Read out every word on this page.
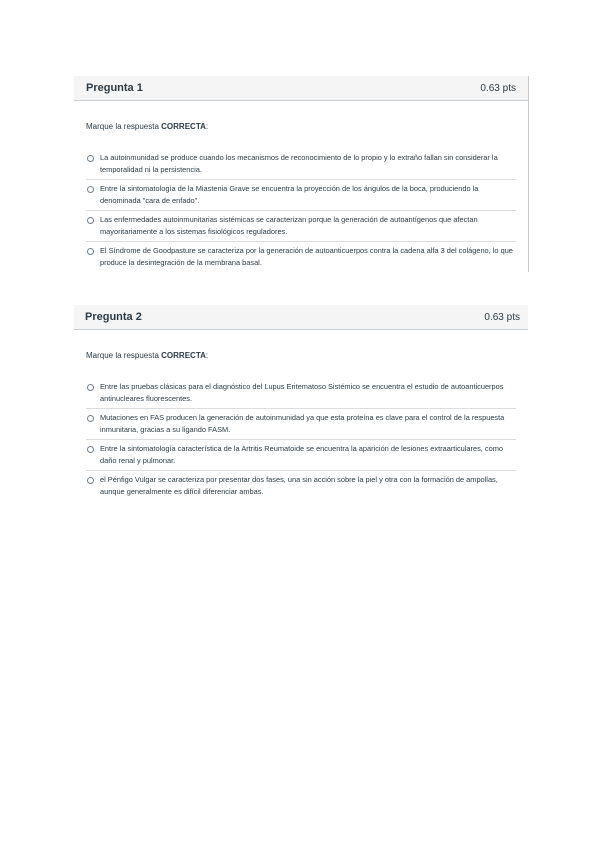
Pregunta 1	0.63 pts
Marque la respuesta CORRECTA:
La autoinmunidad se produce cuando los mecanismos de reconocimiento de lo propio y lo extraño fallan sin considerar la temporalidad ni la persistencia.
Entre la sintomatología de la Miastenia Grave se encuentra la proyección de los ángulos de la boca, produciendo la denominada "cara de enfado".
Las enfermedades autoinmunitarias sistémicas se caracterizan porque la generación de autoantígenos que afectan mayoritariamente a los sistemas fisiológicos reguladores.
El Síndrome de Goodpasture se caracteriza por la generación de autoanticuerpos contra la cadena alfa 3 del colágeno, lo que produce la desintegración de la membrana basal.
Pregunta 2	0.63 pts
Marque la respuesta CORRECTA:
Entre las pruebas clásicas para el diagnóstico del Lupus Eritematoso Sistémico se encuentra el estudio de autoanticuerpos antinucleares fluorescentes.
Mutaciones en FAS producen la generación de autoinmunidad ya que esta proteína es clave para el control de la respuesta inmunitaria, gracias a su ligando FASM.
Entre la sintomatología característica de la Artritis Reumatoide se encuentra la aparición de lesiones extraarticulares, como daño renal y pulmonar.
el Pénfigo Vulgar se caracteriza por presentar dos fases, una sin acción sobre la piel y otra con la formación de ampollas, aunque generalmente es difícil diferenciar ambas.
